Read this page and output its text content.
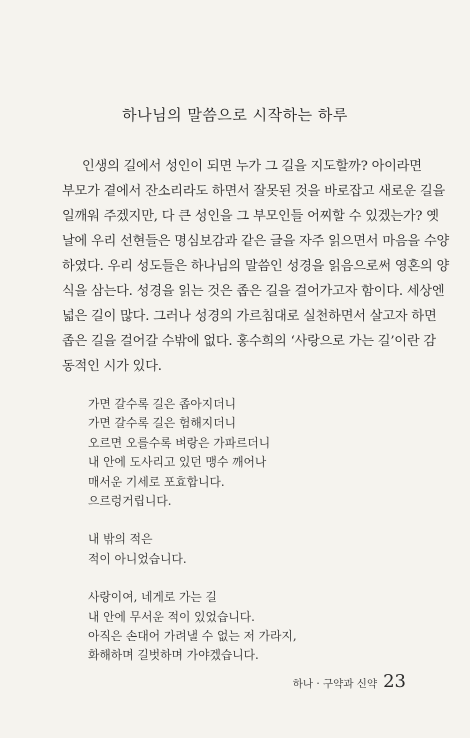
하나님의 말씀으로 시작하는 하루
인생의 길에서 성인이 되면 누가 그 길을 지도할까? 아이라면
부모가 곁에서 잔소리라도 하면서 잘못된 것을 바로잡고 새로운 길을
일깨워 주겠지만, 다 큰 성인을 그 부모인들 어찌할 수 있겠는가? 옛
날에 우리 선현들은 명심보감과 같은 글을 자주 읽으면서 마음을 수양
하였다. 우리 성도들은 하나님의 말씀인 성경을 읽음으로써 영혼의 양
식을 삼는다. 성경을 읽는 것은 좁은 길을 걸어가고자 함이다. 세상엔
넓은 길이 많다. 그러나 성경의 가르침대로 실천하면서 살고자 하면
좁은 길을 걸어갈 수밖에 없다. 홍수희의 ‘사랑으로 가는 길’이란 감
동적인 시가 있다.
가면 갈수록 길은 좁아지더니
가면 갈수록 길은 험해지더니
오르면 오를수록 벼랑은 가파르더니
내 안에 도사리고 있던 맹수 깨어나
매서운 기세로 포효합니다.
으르렁거립니다.
내 밖의 적은
적이 아니었습니다.
사랑이여, 네게로 가는 길
내 안에 무서운 적이 있었습니다.
아직은 손대어 가려낼 수 없는 저 가라지,
화해하며 길벗하며 가야겠습니다.
하나 · 구약과 신약 23
